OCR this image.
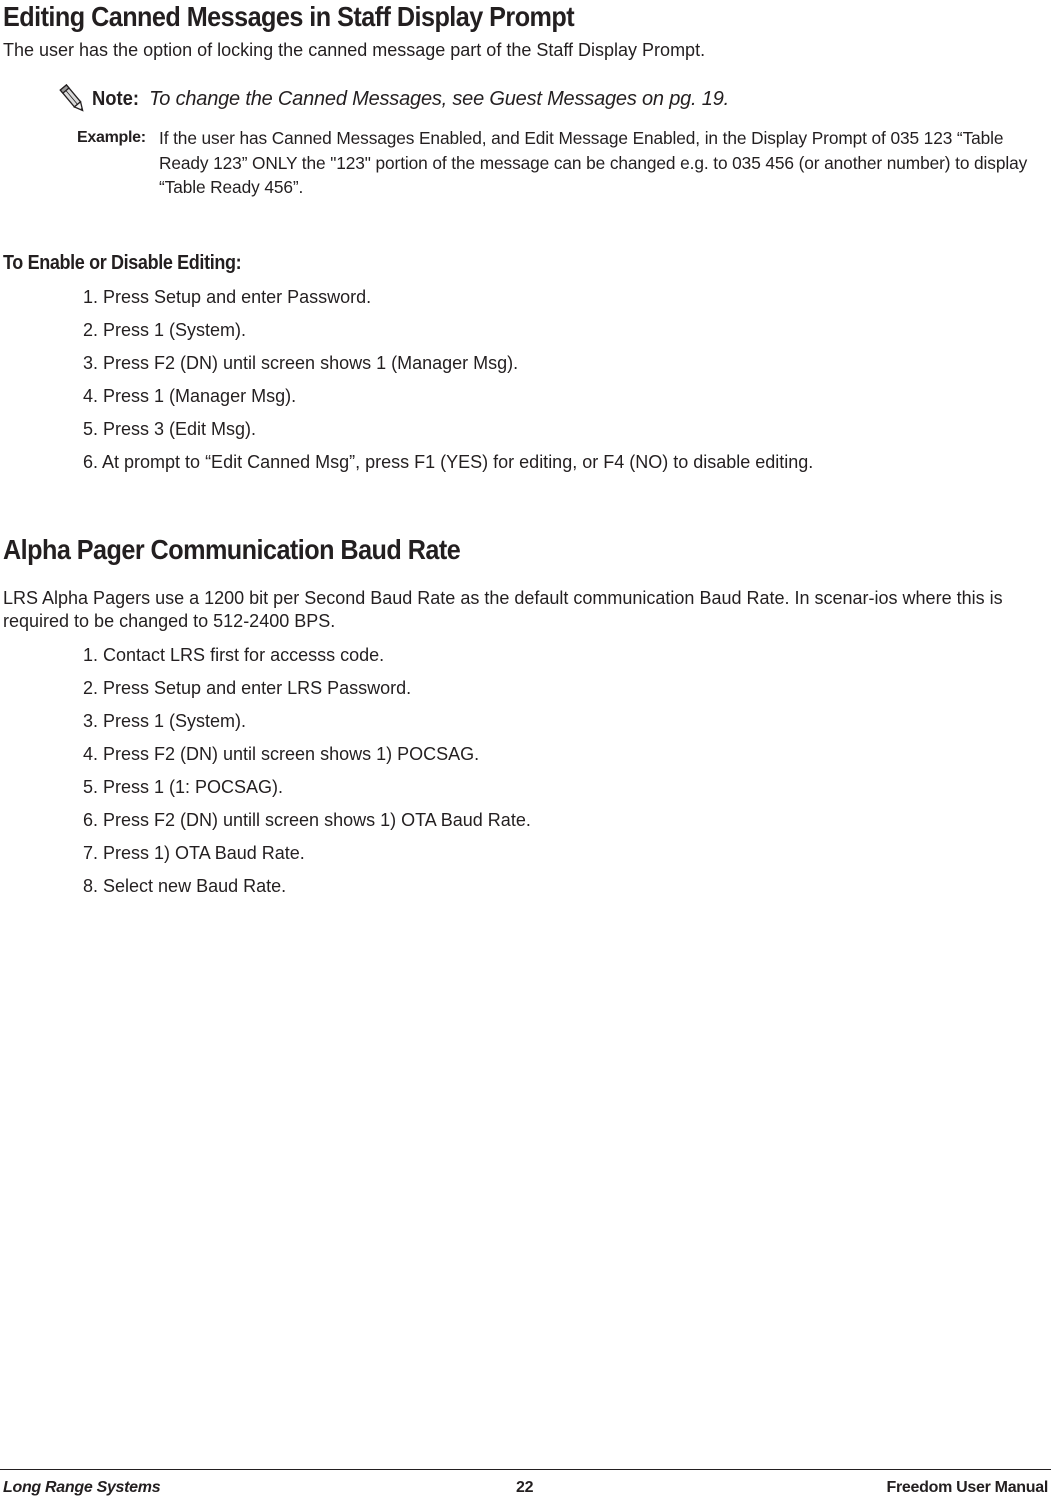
Editing Canned Messages in Staff Display Prompt

The user has the option of locking the canned message part of the Staff Display Prompt.

Note: To change the Canned Messages, see Guest Messages on pg. 19.
Example: If the user has Canned Messages Enabled, and Edit Message Enabled, in the Display Prompt of 035 123 “Table Ready 123” ONLY the "123" portion of the message can be changed e.g. to 035 456 (or another number) to display “Table Ready 456”.
To Enable or Disable Editing:
1. Press Setup and enter Password.
2. Press 1 (System).
3. Press F2 (DN) until screen shows 1 (Manager Msg).
4. Press 1 (Manager Msg).
5. Press 3 (Edit Msg).
6. At prompt to “Edit Canned Msg”, press F1 (YES) for editing, or F4 (NO) to disable editing.
Alpha Pager Communication Baud Rate

LRS Alpha Pagers use a 1200 bit per Second Baud Rate as the default communication Baud Rate. In scenar-ios where this is required to be changed to 512-2400 BPS.

1. Contact LRS first for accesss code.
2. Press Setup and enter LRS Password.
3. Press 1 (System).
4. Press F2 (DN) until screen shows 1) POCSAG.
5. Press 1 (1: POCSAG).
6. Press F2 (DN) untill screen shows 1) OTA Baud Rate.
7. Press 1) OTA Baud Rate.
8. Select new Baud Rate.
Long Range Systems	22	Freedom User Manual
